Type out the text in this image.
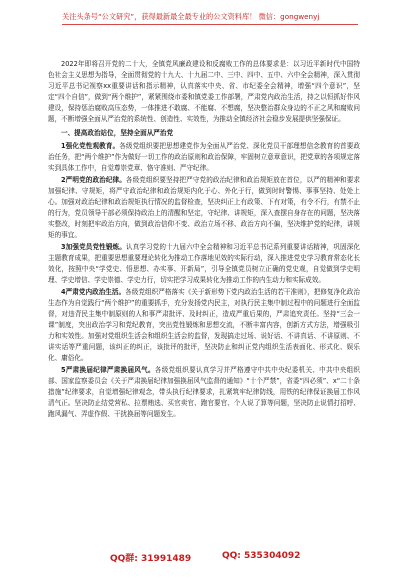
关注头条号“公文研究”，获得最新最全最专业的公文资料库！ 微信：gongwenyj

2022年即将召开党的二十大，全镇党风廉政建设和反腐败工作的总体要求是：以习近平新时代中国特色社会主义思想为指导，全面贯彻党的十九大、十九届二中、三中、四中、五中、六中全会精神，深入贯彻习近平总书记视察xx重要讲话和指示精神，认真落实中央、省、市纪委全会精神，增强“四个意识”，坚定“四个自信”，做到“两个维护”，紧紧围绕市委和镇党委工作部署，严肃党内政治生活，持之以恒抓好作风建设，保持惩治腐败高压态势，一体推进不敢腐、不能腐、不想腐，坚决整治群众身边的不正之风和腐败问题，不断增强全面从严治党的系统性、创造性、实效性，为推动全镇经济社会稳步发展提供坚强保证。

一、提高政治站位，坚持全面从严治党

1强化党性观教育。各级党组织要把思想建党作为全面从严治党、深化党员干部理想信念教育的首要政治任务，把“两个维护”作为做好一切工作的政治原则和政治保障，牢固树立意章意识，把党章的各项规定落实到具体工作中，自觉尊崇党章、恪守准则、严守纪律。

2严明党的政治纪律。各级党组织要坚持把严守党的政治纪律和政治规矩放在首位，以严的精神和要求加强纪律、守规矩，将严守政治纪律和政治规矩内化于心、外化于行，做到时时警惕、事事坚持、处处上心。加强对政治纪律和政治规矩执行情况的监督检查，坚决纠正上有政策、下有对策，有令不行，有禁不止的行为，党员领导干部必须保持政治上的清醒和坚定，守纪律、讲规矩，深入查摆自身存在的问题，坚决落实整改，时刻把牢政治方向，做到政治信仰不变、政治立场不移、政治方向不偏，坚决维护党的纪律，讲规矩的事宜。

3加强党员党性锻炼。认真学习党的十九届六中全会精神和习近平总书记系列重要讲话精神，巩固深化主题教育成果，把重要思想重要理论转化为推动工作落地见效的实际行动，深入推进党史学习教育常态化长效化，按照中央“学党史、悟思想、办实事、开新局”，引导全镇党员树立正确的党史观，自觉做到学史明理、学史增信、学史崇德、学史力行，切实把学习成果转化为推动工作的内生动力和实际成效。

4严肃党内政治生活。各级党组织严格落实《关于新形势下党内政治生活的若干准则》，把修复净化政治生态作为自觉践行“两个维护”的重要抓手，充分发扬党内民主，对执行民主集中制过程中的问题进行全面监督，对违背民主集中制原则的人和事严肃批评、及时纠正，造成严重后果的，严肃追究责任。坚持“三会一课”制度，突出政治学习和党纪教育，突出党性锻炼和思想交流，不断丰富内容，创新方式方法，增强吸引力和实效性。加强对党组织生活会和组织生活会的监督，发现搞走过场、说好话、不讲真话、不讲原则、不讲实话等严重问题，该纠正的纠正，该批评的批评，坚决防止和纠正党内组织生活表面化、形式化、娱乐化、庸俗化。

5严肃换届纪律严肃换届风气。各级党组织要认真学习并严格遵守中共中央纪委机关、中共中央组织部、国家监察委员会《关于严肃换届纪律加强换届风气监督的通知》“十个严禁”，省委“四必须”、x“二十条措施”纪律要求，自觉增强纪律观念，带头执行纪律要求，扎紧筑牢纪律防线，用铁的纪律保证换届工作风清气正。坚决防止结党营私、拉票贿选、买官卖官、跑官要官、个人说了算等问题，坚决防止说情打招呼、跑风漏气、弄虚作假、干扰换届等问题发生。

QQ群: 31991489	QQ: 535304092
